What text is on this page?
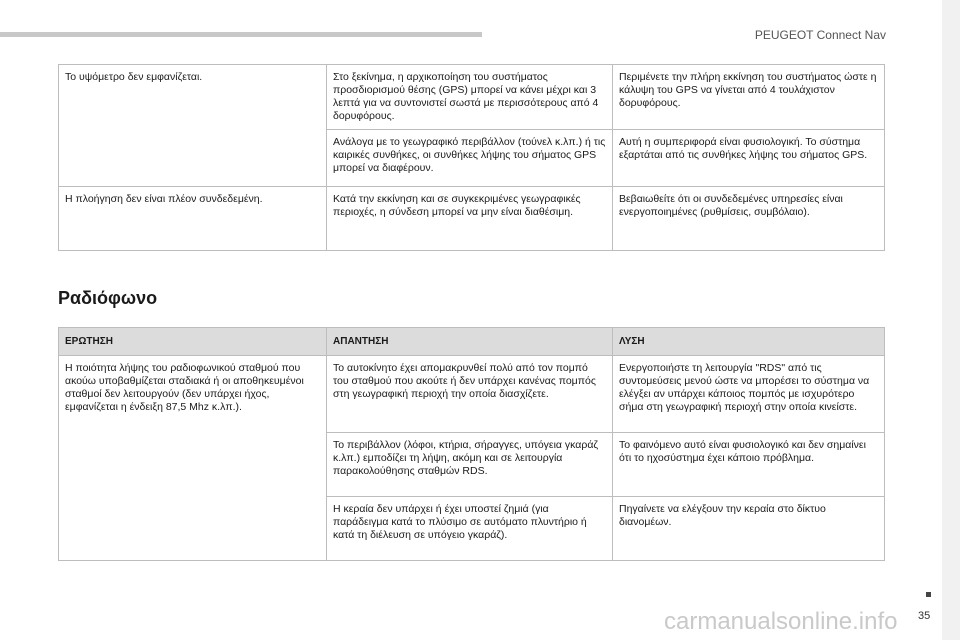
PEUGEOT Connect Nav
Το υψόμετρο δεν εμφανίζεται.	Στο ξεκίνημα, η αρχικοποίηση του συστήματος προσδιορισμού θέσης (GPS) μπορεί να κάνει μέχρι και 3 λεπτά για να συντονιστεί σωστά με περισσότερους από 4 δορυφόρους.	Περιμένετε την πλήρη εκκίνηση του συστήματος ώστε η κάλυψη του GPS να γίνεται από 4 τουλάχιστον δορυφόρους.
	Ανάλογα με το γεωγραφικό περιβάλλον (τούνελ κ.λπ.) ή τις καιρικές συνθήκες, οι συνθήκες λήψης του σήματος GPS μπορεί να διαφέρουν.	Αυτή η συμπεριφορά είναι φυσιολογική. Το σύστημα εξαρτάται από τις συνθήκες λήψης του σήματος GPS.
Η πλοήγηση δεν είναι πλέον συνδεδεμένη.	Κατά την εκκίνηση και σε συγκεκριμένες γεωγραφικές περιοχές, η σύνδεση μπορεί να μην είναι διαθέσιμη.	Βεβαιωθείτε ότι οι συνδεδεμένες υπηρεσίες είναι ενεργοποιημένες (ρυθμίσεις, συμβόλαιο).
Ραδιόφωνο
ΕΡΩΤΗΣΗ	ΑΠΑΝΤΗΣΗ	ΛΥΣΗ
Η ποιότητα λήψης του ραδιοφωνικού σταθμού που ακούω υποβαθμίζεται σταδιακά ή οι αποθηκευμένοι σταθμοί δεν λειτουργούν (δεν υπάρχει ήχος, εμφανίζεται η ένδειξη 87,5 Mhz κ.λπ.).	Το αυτοκίνητο έχει απομακρυνθεί πολύ από τον πομπό του σταθμού που ακούτε ή δεν υπάρχει κανένας πομπός στη γεωγραφική περιοχή την οποία διασχίζετε.	Ενεργοποιήστε τη λειτουργία "RDS" από τις συντομεύσεις μενού ώστε να μπορέσει το σύστημα να ελέγξει αν υπάρχει κάποιος πομπός με ισχυρότερο σήμα στη γεωγραφική περιοχή στην οποία κινείστε.
	Το περιβάλλον (λόφοι, κτήρια, σήραγγες, υπόγεια γκαράζ κ.λπ.) εμποδίζει τη λήψη, ακόμη και σε λειτουργία παρακολούθησης σταθμών RDS.	Το φαινόμενο αυτό είναι φυσιολογικό και δεν σημαίνει ότι το ηχοσύστημα έχει κάποιο πρόβλημα.
	Η κεραία δεν υπάρχει ή έχει υποστεί ζημιά (για παράδειγμα κατά το πλύσιμο σε αυτόματο πλυντήριο ή κατά τη διέλευση σε υπόγειο γκαράζ).	Πηγαίνετε να ελέγξουν την κεραία στο δίκτυο διανομέων.
35
carmanualsonline.info
